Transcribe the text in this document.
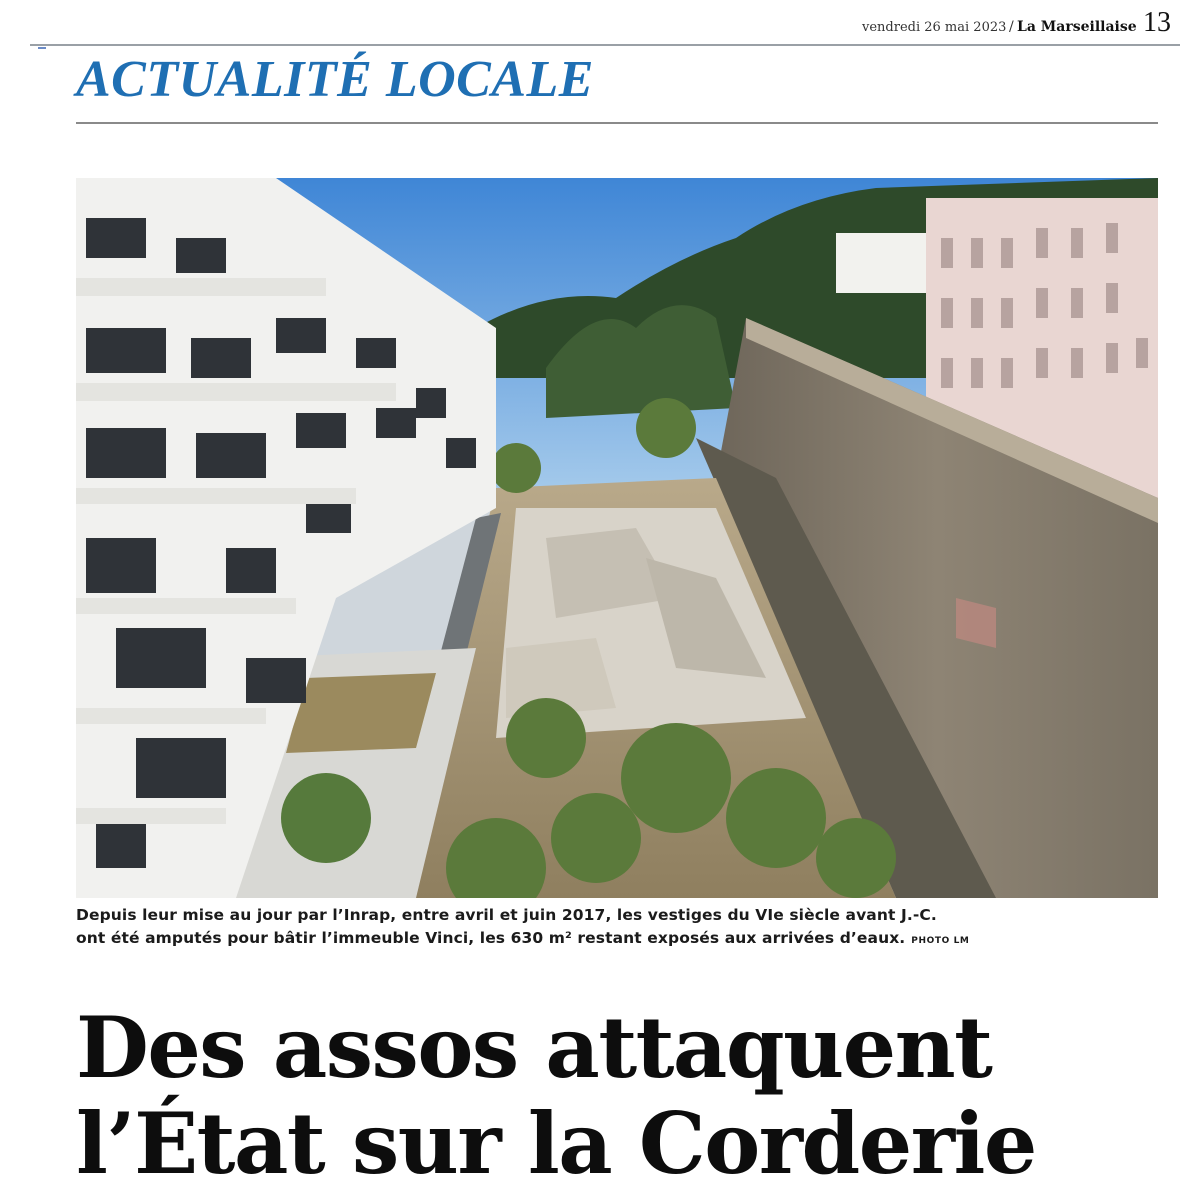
vendredi 26 mai 2023 / La Marseillaise 13
ACTUALITÉ LOCALE
Depuis leur mise au jour par l’Inrap, entre avril et juin 2017, les vestiges du VIe siècle avant J.-C.
ont été amputés pour bâtir l’immeuble Vinci, les 630 m² restant exposés aux arrivées d’eaux. PHOTO LM
Des assos attaquent
l’État sur la Corderie
